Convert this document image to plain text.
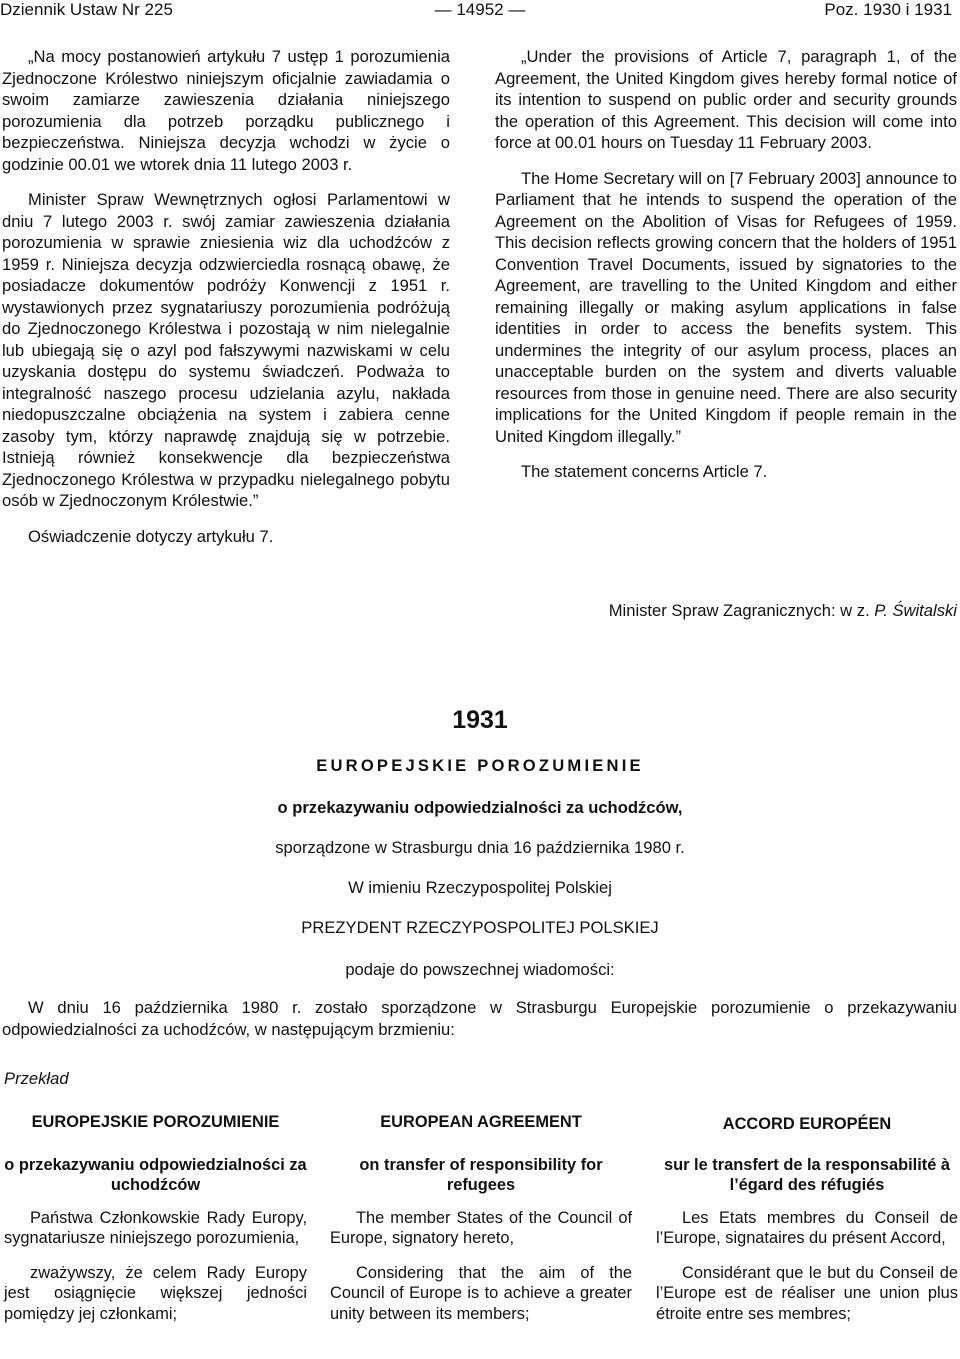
Dziennik Ustaw Nr 225	— 14952 —	Poz. 1930 i 1931

„Na mocy postanowień artykułu 7 ustęp 1 porozumienia Zjednoczone Królestwo niniejszym oficjalnie zawiadamia o swoim zamiarze zawieszenia działania niniejszego porozumienia dla potrzeb porządku publicznego i bezpieczeństwa. Niniejsza decyzja wchodzi w życie o godzinie 00.01 we wtorek dnia 11 lutego 2003 r.

Minister Spraw Wewnętrznych ogłosi Parlamentowi w dniu 7 lutego 2003 r. swój zamiar zawieszenia działania porozumienia w sprawie zniesienia wiz dla uchodźców z 1959 r. Niniejsza decyzja odzwierciedla rosnącą obawę, że posiadacze dokumentów podróży Konwencji z 1951 r. wystawionych przez sygnatariuszy porozumienia podróżują do Zjednoczonego Królestwa i pozostają w nim nielegalnie lub ubiegają się o azyl pod fałszywymi nazwiskami w celu uzyskania dostępu do systemu świadczeń. Podważa to integralność naszego procesu udzielania azylu, nakłada niedopuszczalne obciążenia na system i zabiera cenne zasoby tym, którzy naprawdę znajdują się w potrzebie. Istnieją również konsekwencje dla bezpieczeństwa Zjednoczonego Królestwa w przypadku nielegalnego pobytu osób w Zjednoczonym Królestwie.”

Oświadczenie dotyczy artykułu 7.

„Under the provisions of Article 7, paragraph 1, of the Agreement, the United Kingdom gives hereby formal notice of its intention to suspend on public order and security grounds the operation of this Agreement. This decision will come into force at 00.01 hours on Tuesday 11 February 2003.

The Home Secretary will on [7 February 2003] announce to Parliament that he intends to suspend the operation of the Agreement on the Abolition of Visas for Refugees of 1959. This decision reflects growing concern that the holders of 1951 Convention Travel Documents, issued by signatories to the Agreement, are travelling to the United Kingdom and either remaining illegally or making asylum applications in false identities in order to access the benefits system. This undermines the integrity of our asylum process, places an unacceptable burden on the system and diverts valuable resources from those in genuine need. There are also security implications for the United Kingdom if people remain in the United Kingdom illegally.”

The statement concerns Article 7.

Minister Spraw Zagranicznych: w z. P. Świtalski
1931
EUROPEJSKIE POROZUMIENIE
o przekazywaniu odpowiedzialności za uchodźców,
sporządzone w Strasburgu dnia 16 października 1980 r.
W imieniu Rzeczypospolitej Polskiej
PREZYDENT RZECZYPOSPOLITEJ POLSKIEJ
podaje do powszechnej wiadomości:
W dniu 16 października 1980 r. zostało sporządzone w Strasburgu Europejskie porozumienie o przekazywaniu odpowiedzialności za uchodźców, w następującym brzmieniu:
Przekład

EUROPEJSKIE POROZUMIENIE

o przekazywaniu odpowiedzialności za uchodźców

Państwa Członkowskie Rady Europy, sygnatariusze niniejszego porozumienia,

zważywszy, że celem Rady Europy jest osiągnięcie większej jedności pomiędzy jej członkami;

EUROPEAN AGREEMENT

on transfer of responsibility for refugees

The member States of the Council of Europe, signatory hereto,

Considering that the aim of the Council of Europe is to achieve a greater unity between its members;

ACCORD EUROPÉEN

sur le transfert de la responsabilité à l’égard des réfugiés

Les Etats membres du Conseil de l’Europe, signataires du présent Accord,

Considérant que le but du Conseil de l’Europe est de réaliser une union plus étroite entre ses membres;
